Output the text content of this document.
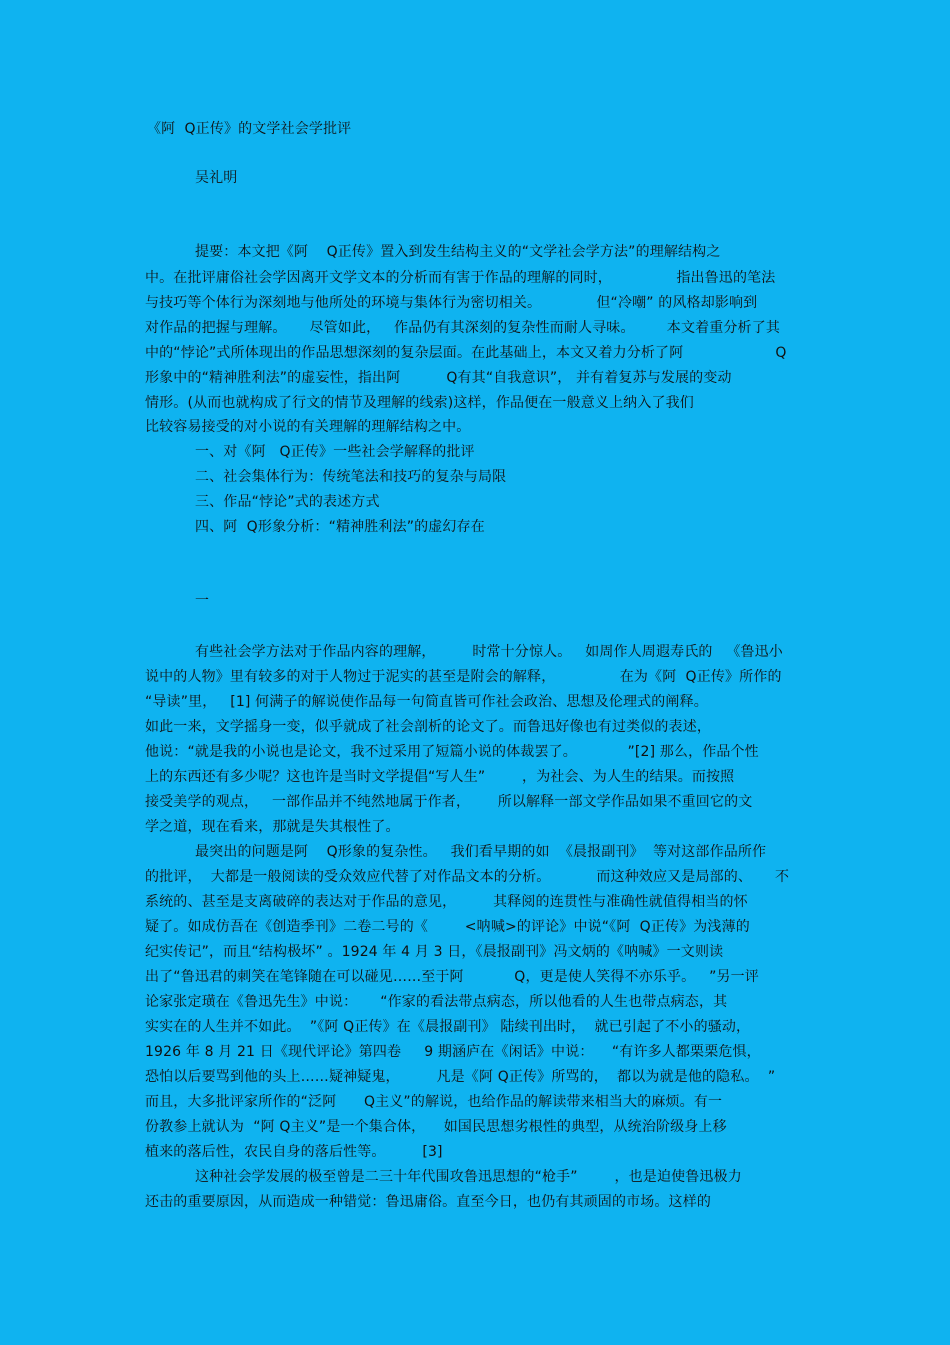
《阿  Q正传》的文学社会学批评
吴礼明
提要：本文把《阿    Q正传》置入到发生结构主义的“文学社会学方法”的理解结构之
中。在批评庸俗社会学因离开文学文本的分析而有害于作品的理解的同时，              指出鲁迅的笔法
与技巧等个体行为深刻地与他所处的环境与集体行为密切相关。            但“冷嘲” 的风格却影响到
对作品的把握与理解。     尽管如此，   作品仍有其深刻的复杂性而耐人寻味。       本文着重分析了其
中的“悖论”式所体现出的作品思想深刻的复杂层面。在此基础上，本文又着力分析了阿                    Q
形象中的“精神胜利法”的虚妄性，指出阿          Q有其“自我意识”， 并有着复苏与发展的变动
情形。(从而也就构成了行文的情节及理解的线索)这样，作品便在一般意义上纳入了我们
比较容易接受的对小说的有关理解的理解结构之中。
一、对《阿   Q正传》一些社会学解释的批评
二、社会集体行为：传统笔法和技巧的复杂与局限
三、作品“悖论”式的表述方式
四、阿  Q形象分析：“精神胜利法”的虚幻存在
一
有些社会学方法对于作品内容的理解，        时常十分惊人。   如周作人周遐寿氏的   《鲁迅小
说中的人物》里有较多的对于人物过于泥实的甚至是附会的解释，              在为《阿  Q正传》所作的
“导读”里，   [1] 何满子的解说使作品每一句简直皆可作社会政治、思想及伦理式的阐释。
如此一来，文学摇身一变，似乎就成了社会剖析的论文了。而鲁迅好像也有过类似的表述，
他说：“就是我的小说也是论文，我不过采用了短篇小说的体裁罢了。           ”[2] 那么，作品个性
上的东西还有多少呢？这也许是当时文学提倡“写人生”        ，为社会、为人生的结果。而按照
接受美学的观点，   一部作品并不纯然地属于作者，      所以解释一部文学作品如果不重回它的文
学之道，现在看来，那就是失其根性了。
最突出的问题是阿    Q形象的复杂性。   我们看早期的如  《晨报副刊》  等对这部作品所作
的批评，  大都是一般阅读的受众效应代替了对作品文本的分析。          而这种效应又是局部的、     不
系统的、甚至是支离破碎的表达对于作品的意见，        其释阅的连贯性与准确性就值得相当的怀
疑了。如成仿吾在《创造季刊》二卷二号的《        <呐喊>的评论》中说“《阿  Q正传》为浅薄的
纪实传记”，而且“结构极坏” 。1924 年 4 月 3 日，《晨报副刊》冯文炳的《呐喊》一文则读
出了“鲁迅君的刺笑在笔锋随在可以碰见……至于阿           Q，更是使人笑得不亦乐乎。   ”另一评
论家张定璜在《鲁迅先生》中说：     “作家的看法带点病态，所以他看的人生也带点病态，其
实实在的人生并不如此。  ”《阿 Q正传》在《晨报副刊》 陆续刊出时，  就已引起了不小的骚动，
1926 年 8 月 21 日《现代评论》第四卷     9 期涵庐在《闲话》中说：    “有许多人都栗栗危惧，
恐怕以后要骂到他的头上……疑神疑鬼，        凡是《阿 Q正传》所骂的，  都以为就是他的隐私。  ”
而且，大多批评家所作的“泛阿      Q主义”的解说，也给作品的解读带来相当大的麻烦。有一
份教参上就认为  “阿 Q主义”是一个集合体，    如国民思想劣根性的典型，从统治阶级身上移
植来的落后性，农民自身的落后性等。        [3]
这种社会学发展的极至曾是二三十年代围攻鲁迅思想的“枪手”        ，也是迫使鲁迅极力
还击的重要原因，从而造成一种错觉：鲁迅庸俗。直至今日，也仍有其顽固的市场。这样的
